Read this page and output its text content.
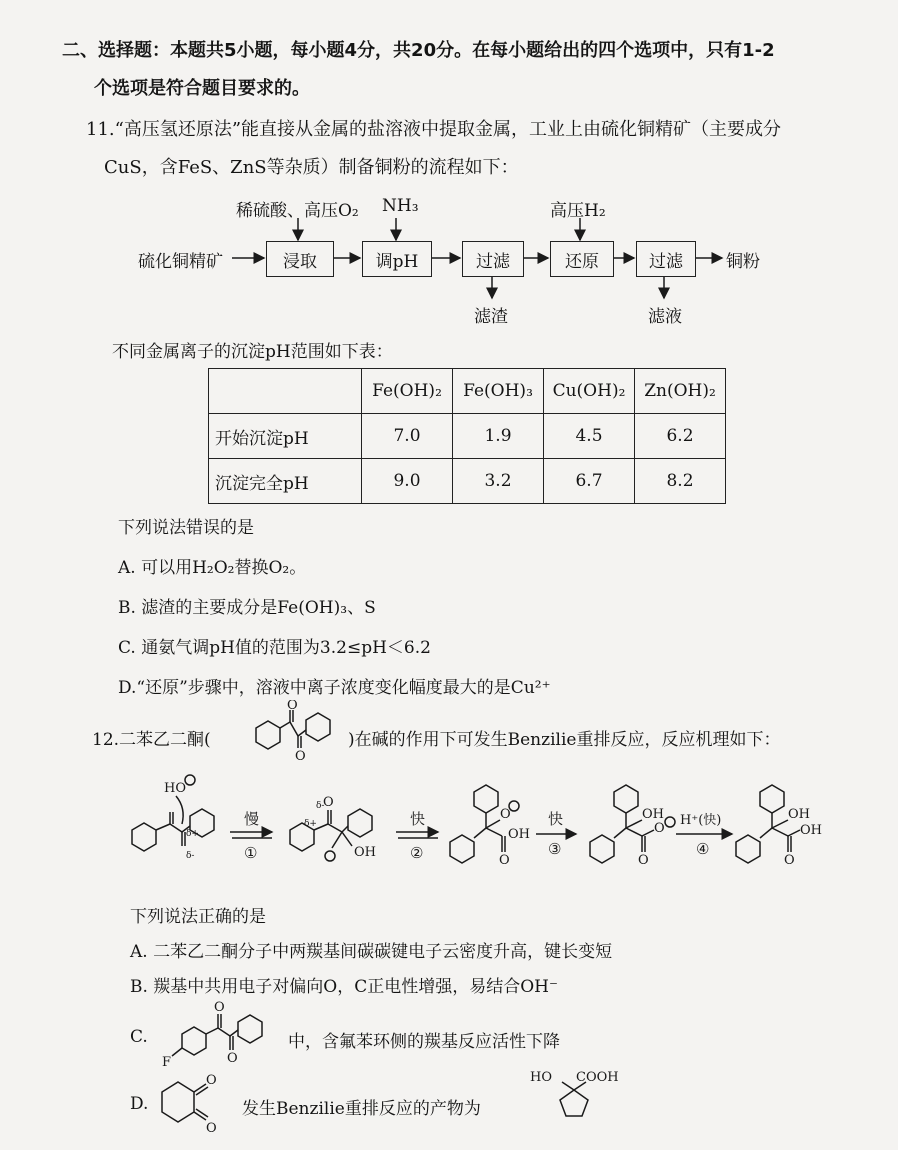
二、选择题：本题共5小题，每小题4分，共20分。在每小题给出的四个选项中，只有1-2
个选项是符合题目要求的。
11.“高压氢还原法”能直接从金属的盐溶液中提取金属，工业上由硫化铜精矿（主要成分
CuS，含FeS、ZnS等杂质）制备铜粉的流程如下：
硫化铜精矿
稀硫酸、高压O₂ NH₃	高压H₂
浸取	调pH	过滤	还原	过滤	铜粉
滤渣	滤液
不同金属离子的沉淀pH范围如下表：
	Fe(OH)₂	Fe(OH)₃	Cu(OH)₂	Zn(OH)₂
开始沉淀pH	7.0	1.9	4.5	6.2
沉淀完全pH	9.0	3.2	6.7	8.2
下列说法错误的是
A. 可以用H₂O₂替换O₂。
B. 滤渣的主要成分是Fe(OH)₃、S
C. 通氨气调pH值的范围为3.2≤pH＜6.2
D.“还原”步骤中，溶液中离子浓度变化幅度最大的是Cu²⁺
12.二苯乙二酮(
O
O
)在碱的作用下可发生Benzilie重排反应，反应机理如下：
HO
δ+
δ-
慢
①
δ-
O
δ+
OH
快
②
O
OH
O
快
③
OH
O
O
H⁺(快)
④
OH
OH
O
下列说法正确的是
A. 二苯乙二酮分子中两羰基间碳碳键电子云密度升高，键长变短
B. 羰基中共用电子对偏向O，C正电性增强，易结合OH⁻
C.
O
O
F
中，含氟苯环侧的羰基反应活性下降
D.
O
O
发生Benzilie重排反应的产物为
HO COOH
